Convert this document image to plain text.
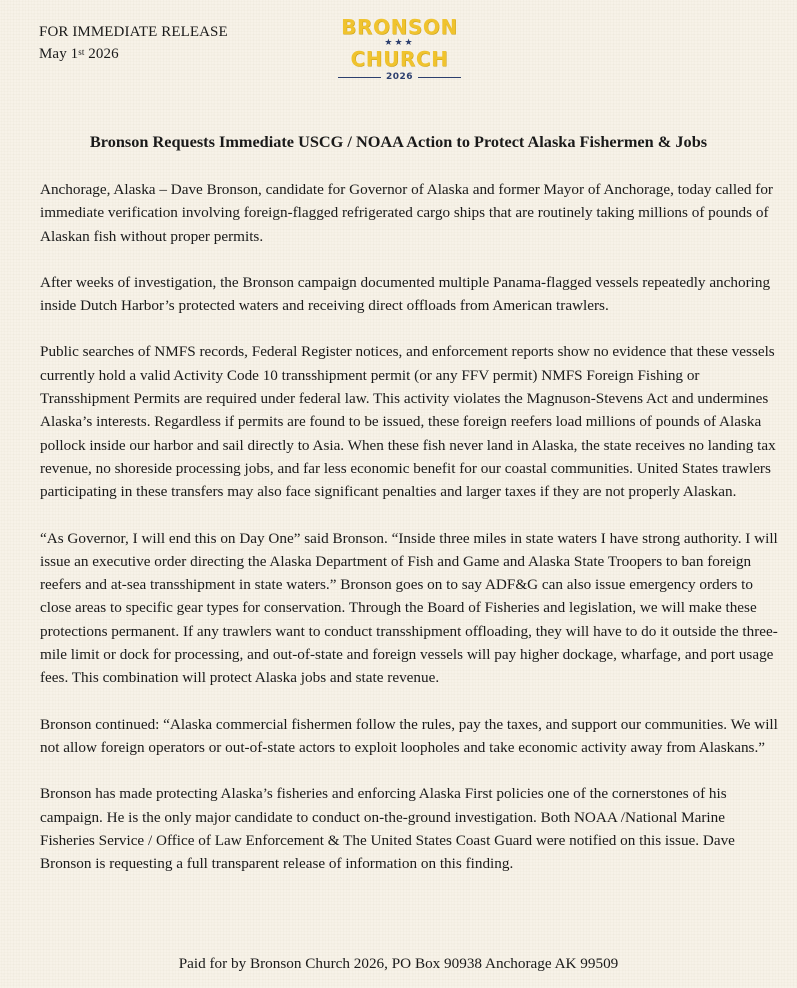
FOR IMMEDIATE RELEASE
May 1st 2026
BRONSON
★★★
CHURCH
2026
Bronson Requests Immediate USCG / NOAA Action to Protect Alaska Fishermen & Jobs

Anchorage, Alaska – Dave Bronson, candidate for Governor of Alaska and former Mayor of Anchorage, today called for immediate verification involving foreign-flagged refrigerated cargo ships that are routinely taking millions of pounds of Alaskan fish without proper permits.

After weeks of investigation, the Bronson campaign documented multiple Panama-flagged vessels repeatedly anchoring inside Dutch Harbor’s protected waters and receiving direct offloads from American trawlers.

Public searches of NMFS records, Federal Register notices, and enforcement reports show no evidence that these vessels currently hold a valid Activity Code 10 transshipment permit (or any FFV permit) NMFS Foreign Fishing or Transshipment Permits are required under federal law. This activity violates the Magnuson-Stevens Act and undermines Alaska’s interests. Regardless if permits are found to be issued, these foreign reefers load millions of pounds of Alaska pollock inside our harbor and sail directly to Asia. When these fish never land in Alaska, the state receives no landing tax revenue, no shoreside processing jobs, and far less economic benefit for our coastal communities. United States trawlers participating in these transfers may also face significant penalties and larger taxes if they are not properly Alaskan.

“As Governor, I will end this on Day One” said Bronson. “Inside three miles in state waters I have strong authority. I will issue an executive order directing the Alaska Department of Fish and Game and Alaska State Troopers to ban foreign reefers and at-sea transshipment in state waters.” Bronson goes on to say ADF&G can also issue emergency orders to close areas to specific gear types for conservation. Through the Board of Fisheries and legislation, we will make these protections permanent. If any trawlers want to conduct transshipment offloading, they will have to do it outside the three-mile limit or dock for processing, and out-of-state and foreign vessels will pay higher dockage, wharfage, and port usage fees. This combination will protect Alaska jobs and state revenue.

Bronson continued: “Alaska commercial fishermen follow the rules, pay the taxes, and support our communities. We will not allow foreign operators or out-of-state actors to exploit loopholes and take economic activity away from Alaskans.”

Bronson has made protecting Alaska’s fisheries and enforcing Alaska First policies one of the cornerstones of his campaign. He is the only major candidate to conduct on-the-ground investigation. Both NOAA /National Marine Fisheries Service / Office of Law Enforcement & The United States Coast Guard were notified on this issue. Dave Bronson is requesting a full transparent release of information on this finding.

Paid for by Bronson Church 2026, PO Box 90938 Anchorage AK 99509
